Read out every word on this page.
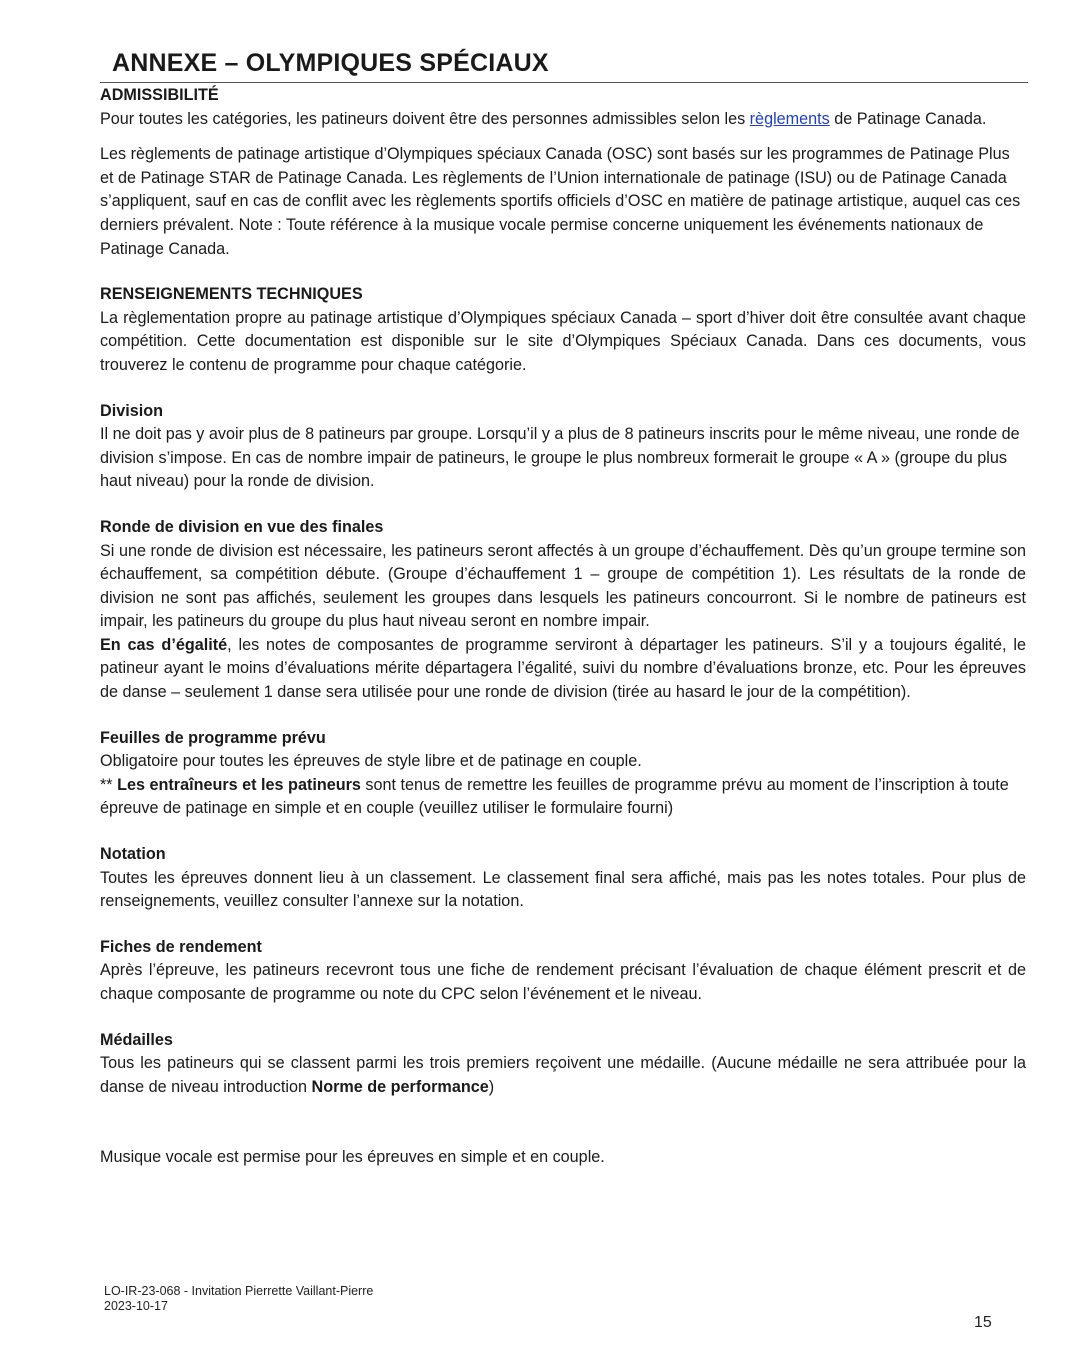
ANNEXE – OLYMPIQUES SPÉCIAUX

ADMISSIBILITÉ

Pour toutes les catégories, les patineurs doivent être des personnes admissibles selon les règlements de Patinage Canada.

Les règlements de patinage artistique d’Olympiques spéciaux Canada (OSC) sont basés sur les programmes de Patinage Plus et de Patinage STAR de Patinage Canada. Les règlements de l’Union internationale de patinage (ISU) ou de Patinage Canada s’appliquent, sauf en cas de conflit avec les règlements sportifs officiels d’OSC en matière de patinage artistique, auquel cas ces derniers prévalent. Note : Toute référence à la musique vocale permise concerne uniquement les événements nationaux de Patinage Canada.

RENSEIGNEMENTS TECHNIQUES

La règlementation propre au patinage artistique d’Olympiques spéciaux Canada – sport d’hiver doit être consultée avant chaque compétition. Cette documentation est disponible sur le site d’Olympiques Spéciaux Canada. Dans ces documents, vous trouverez le contenu de programme pour chaque catégorie.

Division

Il ne doit pas y avoir plus de 8 patineurs par groupe. Lorsqu’il y a plus de 8 patineurs inscrits pour le même niveau, une ronde de division s’impose. En cas de nombre impair de patineurs, le groupe le plus nombreux formerait le groupe « A » (groupe du plus haut niveau) pour la ronde de division.

Ronde de division en vue des finales

Si une ronde de division est nécessaire, les patineurs seront affectés à un groupe d’échauffement. Dès qu’un groupe termine son échauffement, sa compétition débute. (Groupe d’échauffement 1 – groupe de compétition 1). Les résultats de la ronde de division ne sont pas affichés, seulement les groupes dans lesquels les patineurs concourront. Si le nombre de patineurs est impair, les patineurs du groupe du plus haut niveau seront en nombre impair.

En cas d’égalité, les notes de composantes de programme serviront à départager les patineurs. S’il y a toujours égalité, le patineur ayant le moins d’évaluations mérite départagera l’égalité, suivi du nombre d’évaluations bronze, etc. Pour les épreuves de danse – seulement 1 danse sera utilisée pour une ronde de division (tirée au hasard le jour de la compétition).

Feuilles de programme prévu

Obligatoire pour toutes les épreuves de style libre et de patinage en couple.

** Les entraîneurs et les patineurs sont tenus de remettre les feuilles de programme prévu au moment de l’inscription à toute épreuve de patinage en simple et en couple (veuillez utiliser le formulaire fourni)

Notation

Toutes les épreuves donnent lieu à un classement. Le classement final sera affiché, mais pas les notes totales. Pour plus de renseignements, veuillez consulter l’annexe sur la notation.

Fiches de rendement

Après l’épreuve, les patineurs recevront tous une fiche de rendement précisant l’évaluation de chaque élément prescrit et de chaque composante de programme ou note du CPC selon l’événement et le niveau.

Médailles

Tous les patineurs qui se classent parmi les trois premiers reçoivent une médaille. (Aucune médaille ne sera attribuée pour la danse de niveau introduction Norme de performance)

Musique vocale est permise pour les épreuves en simple et en couple.

LO-IR-23-068 - Invitation Pierrette Vaillant-Pierre
2023-10-17
15
